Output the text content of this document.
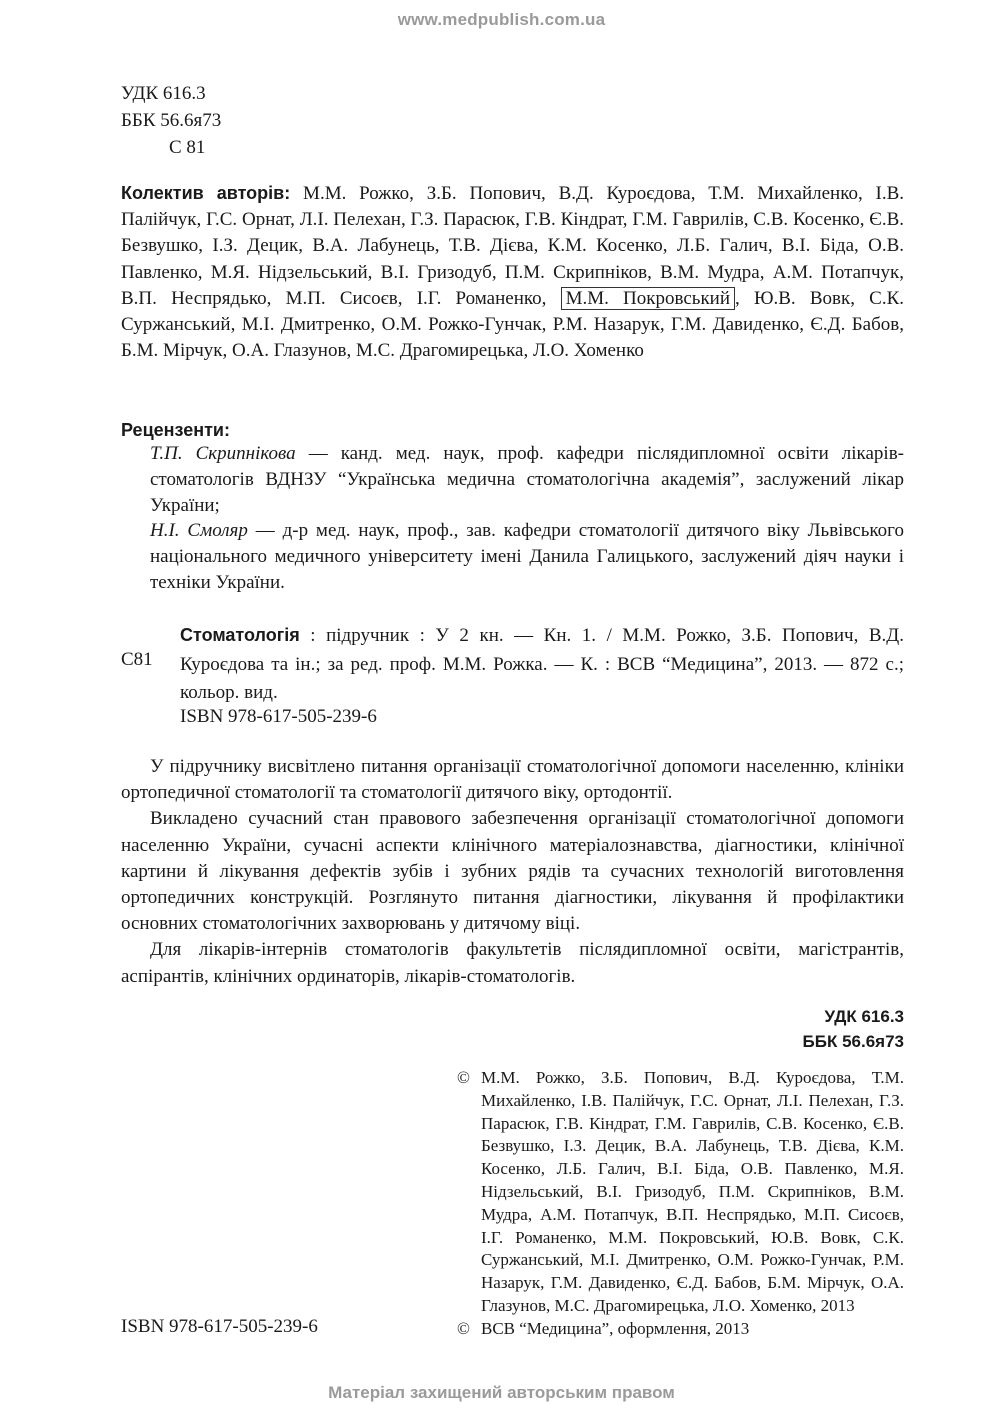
www.medpublish.com.ua
УДК 616.3
ББК 56.6я73
С 81
Колектив авторів: М.М. Рожко, З.Б. Попович, В.Д. Куроєдова, Т.М. Михайленко, І.В. Палійчук, Г.С. Орнат, Л.І. Пелехан, Г.З. Парасюк, Г.В. Кіндрат, Г.М. Гаврилів, С.В. Косенко, Є.В. Безвушко, І.З. Децик, В.А. Лабунець, Т.В. Дієва, К.М. Косенко, Л.Б. Галич, В.І. Біда, О.В. Павленко, М.Я. Нідзельський, В.І. Гризодуб, П.М. Скрипніков, В.М. Мудра, А.М. Потапчук, В.П. Неспрядько, М.П. Сисоєв, І.Г. Романенко, М.М. Покровський , Ю.В. Вовк, С.К. Суржанський, М.І. Дмитренко, О.М. Рожко-Гунчак, Р.М. Назарук, Г.М. Давиденко, Є.Д. Бабов, Б.М. Мірчук, О.А. Глазунов, М.С. Драгомирецька, Л.О. Хоменко
Рецензенти:
Т.П. Скрипнікова — канд. мед. наук, проф. кафедри післядипломної освіти лікарів-стоматологів ВДНЗУ “Українська медична стоматологічна академія”, заслужений лікар України;
Н.І. Смоляр — д-р мед. наук, проф., зав. кафедри стоматології дитячого віку Львівського національного медичного університету імені Данила Галицького, заслужений діяч науки і техніки України.
С81
Стоматологія : підручник : У 2 кн. — Кн. 1. / М.М. Рожко, З.Б. Попович, В.Д. Куроєдова та ін.; за ред. проф. М.М. Рожка. — К. : ВСВ “Медицина”, 2013. — 872 с.; кольор. вид.
ISBN 978-617-505-239-6

У підручнику висвітлено питання організації стоматологічної допомоги населенню, клініки ортопедичної стоматології та стоматології дитячого віку, ортодонтії.

Викладено сучасний стан правового забезпечення організації стоматологічної допомоги населенню України, сучасні аспекти клінічного матеріалознавства, діагностики, клінічної картини й лікування дефектів зубів і зубних рядів та сучасних технологій виготовлення ортопедичних конструкцій. Розглянуто питання діагностики, лікування й профілактики основних стоматологічних захворювань у дитячому віці.

Для лікарів-інтернів стоматологів факультетів післядипломної освіти, магістрантів, аспірантів, клінічних ординаторів, лікарів-стоматологів.

УДК 616.3
ББК 56.6я73
© М.М. Рожко, З.Б. Попович, В.Д. Куроєдова, Т.М. Михайленко, І.В. Палійчук, Г.С. Орнат, Л.І. Пелехан, Г.З. Парасюк, Г.В. Кіндрат, Г.М. Гаврилів, С.В. Косенко, Є.В. Безвушко, І.З. Децик, В.А. Лабунець, Т.В. Дієва, К.М. Косенко, Л.Б. Галич, В.І. Біда, О.В. Павленко, М.Я. Нідзельський, В.І. Гризодуб, П.М. Скрипніков, В.М. Мудра, А.М. Потапчук, В.П. Неспрядько, М.П. Сисоєв, І.Г. Романенко, М.М. Покровський, Ю.В. Вовк, С.К. Суржанський, М.І. Дмитренко, О.М. Рожко-Гунчак, Р.М. Назарук, Г.М. Давиденко, Є.Д. Бабов, Б.М. Мірчук, О.А. Глазунов, М.С. Драгомирецька, Л.О. Хоменко, 2013
© ВСВ “Медицина”, оформлення, 2013
ISBN 978-617-505-239-6
Матеріал захищений авторським правом
